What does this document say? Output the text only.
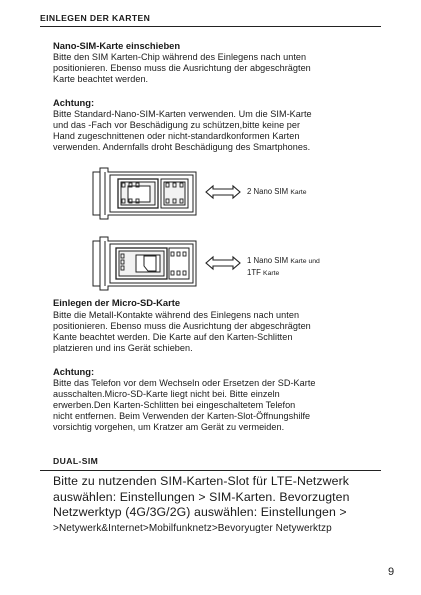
EINLEGEN DER KARTEN
Nano-SIM-Karte einschieben
Bitte den SIM Karten-Chip während des Einlegens nach unten
positionieren. Ebenso muss die Ausrichtung der abgeschrägten
Karte beachtet werden.
Achtung:
Bitte Standard-Nano-SIM-Karten verwenden. Um die SIM-Karte
und das -Fach vor Beschädigung zu schützen,bitte keine per
Hand zugeschnittenen oder nicht-standardkonformen Karten
verwenden. Andernfalls droht Beschädigung des Smartphones.
2 Nano SIM Karte
1 Nano SIM Karte und
1TF Karte
Einlegen der Micro-SD-Karte
Bitte die Metall-Kontakte während des Einlegens nach unten
positionieren. Ebenso muss die Ausrichtung der abgeschrägten
Kante beachtet werden. Die Karte auf den Karten-Schlitten
platzieren und ins Gerät schieben.
Achtung:
Bitte das Telefon vor dem Wechseln oder Ersetzen der SD-Karte
ausschalten.Micro-SD-Karte liegt nicht bei. Bitte einzeln
erwerben.Den Karten-Schlitten bei eingeschaltetem Telefon
nicht entfernen. Beim Verwenden der Karten-Slot-Öffnungshilfe
vorsichtig vorgehen, um Kratzer am Gerät zu vermeiden.
DUAL-SIM
Bitte zu nutzenden SIM-Karten-Slot für LTE-Netzwerk
auswählen: Einstellungen > SIM-Karten. Bevorzugten
Netzwerktyp (4G/3G/2G) auswählen: Einstellungen >
>Netywerk&Internet>Mobilfunknetz>Bevoryugter Netywerktzp
9
